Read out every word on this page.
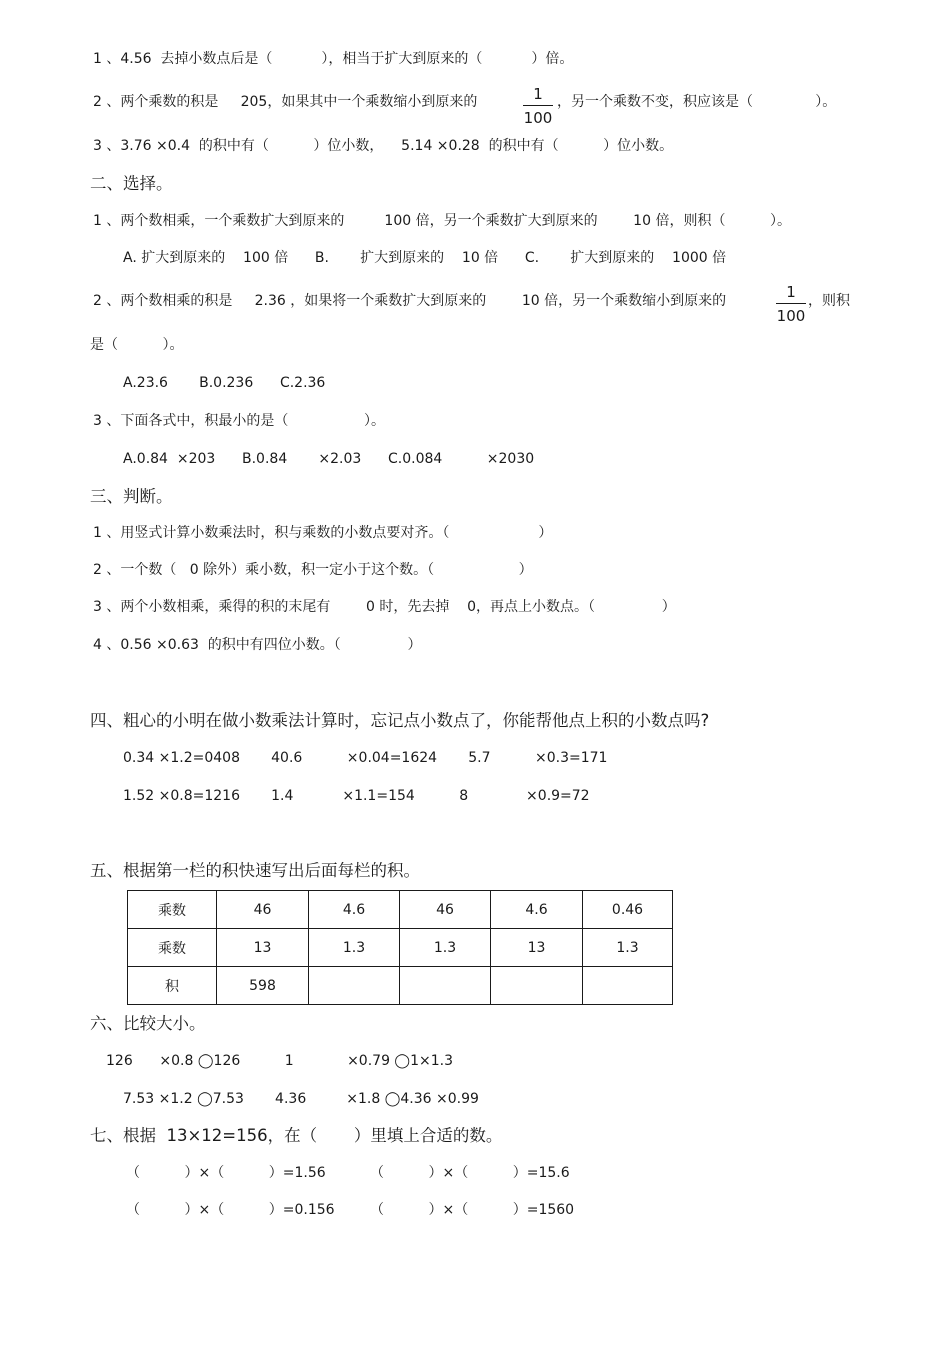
1 、4.56  去掉小数点后是（           ），相当于扩大到原来的（           ）倍。
2 、两个乘数的积是     205，如果其中一个乘数缩小到原来的	1
100
，另一个乘数不变，积应该是（              ）。
3 、3.76 ×0.4  的积中有（          ）位小数，    5.14 ×0.28  的积中有（          ）位小数。
二、选择。
1 、两个数相乘，一个乘数扩大到原来的         100 倍，另一个乘数扩大到原来的        10 倍，则积（          ）。
A. 扩大到原来的    100 倍      B.       扩大到原来的    10 倍      C.       扩大到原来的    1000 倍
2 、两个数相乘的积是     2.36 ，如果将一个乘数扩大到原来的        10 倍，另一个乘数缩小到原来的	1
100
，则积
是（          ）。
A.23.6       B.0.236      C.2.36
3 、下面各式中，积最小的是（                 ）。
A.0.84  ×203      B.0.84       ×2.03      C.0.084          ×2030
三、判断。
1 、用竖式计算小数乘法时，积与乘数的小数点要对齐。（                    ）
2 、一个数（   0 除外）乘小数，积一定小于这个数。（                   ）
3 、两个小数相乘，乘得的积的末尾有        0 时，先去掉    0，再点上小数点。（               ）
4 、0.56 ×0.63  的积中有四位小数。（               ）
四、粗心的小明在做小数乘法计算时，忘记点小数点了，你能帮他点上积的小数点吗?
0.34 ×1.2=0408       40.6          ×0.04=1624       5.7          ×0.3=171
1.52 ×0.8=1216       1.4           ×1.1=154          8             ×0.9=72
五、根据第一栏的积快速写出后面每栏的积。
乘数	46	4.6	46	4.6	0.46
乘数	13	1.3	1.3	13	1.3
积	598				
六、比较大小。
126      ×0.8 ◯126          1            ×0.79 ◯1×1.3
7.53 ×1.2 ◯7.53       4.36         ×1.8 ◯4.36 ×0.99
七、根据  13×12=156，在（       ）里填上合适的数。
（          ）×（          ）=1.56	（          ）×（          ）=15.6
（          ）×（          ）=0.156	（          ）×（          ）=1560
